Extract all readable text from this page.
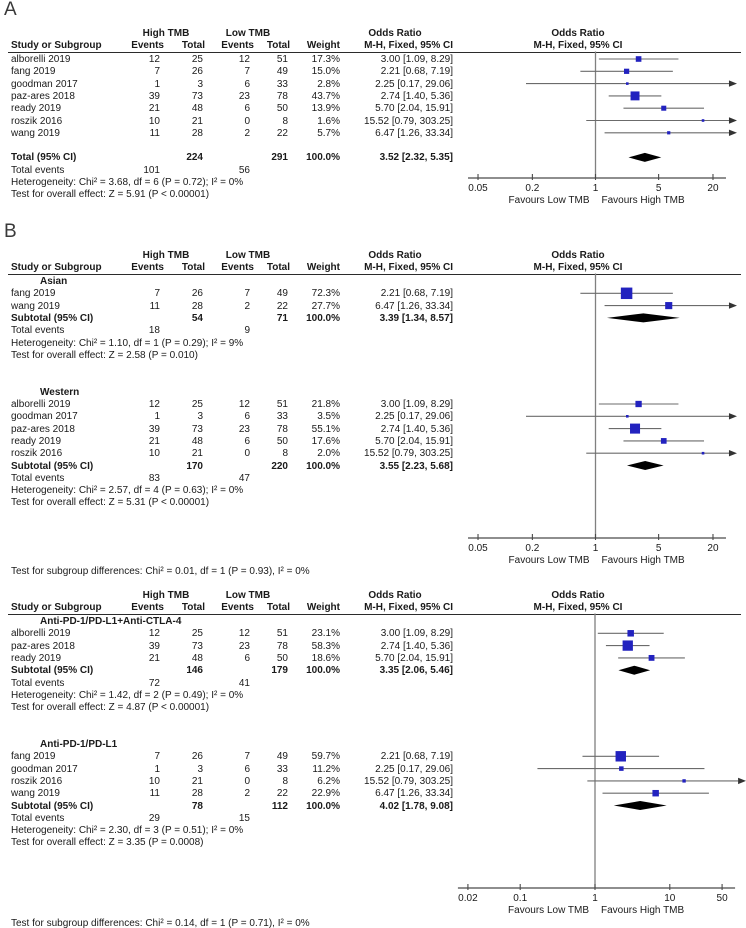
A
High TMB	Low TMB	Odds Ratio	Odds Ratio
Study or Subgroup	Events	Total	Events	Total	Weight	M-H, Fixed, 95% CI	M-H, Fixed, 95% CI
0.05	0.2	1	5	20
Favours Low TMB Favours High TMB
alborelli 2019	12	25	12	51	17.3%	3.00 [1.09, 8.29]
fang 2019	7	26	7	49	15.0%	2.21 [0.68, 7.19]
goodman 2017	1	3	6	33	2.8%	2.25 [0.17, 29.06]
paz-ares 2018	39	73	23	78	43.7%	2.74 [1.40, 5.36]
ready 2019	21	48	6	50	13.9%	5.70 [2.04, 15.91]
roszik 2016	10	21	0	8	1.6%	15.52 [0.79, 303.25]
wang 2019	11	28	2	22	5.7%	6.47 [1.26, 33.34]
Total (95% CI)	224	291	100.0%	3.52 [2.32, 5.35]
Total events	101	56
Heterogeneity: Chi² = 3.68, df = 6 (P = 0.72); I² = 0%
Test for overall effect: Z = 5.91 (P < 0.00001)
B
High TMB	Low TMB	Odds Ratio	Odds Ratio
Study or Subgroup	Events	Total	Events	Total	Weight	M-H, Fixed, 95% CI	M-H, Fixed, 95% CI
0.05	0.2	1	5	20
Favours Low TMB Favours High TMB
Asian
fang 2019	7	26	7	49	72.3%	2.21 [0.68, 7.19]
wang 2019	11	28	2	22	27.7%	6.47 [1.26, 33.34]
Subtotal (95% CI)	54	71	100.0%	3.39 [1.34, 8.57]
Total events	18	9
Heterogeneity: Chi² = 1.10, df = 1 (P = 0.29); I² = 9%
Test for overall effect: Z = 2.58 (P = 0.010)
Western
alborelli 2019	12	25	12	51	21.8%	3.00 [1.09, 8.29]
goodman 2017	1	3	6	33	3.5%	2.25 [0.17, 29.06]
paz-ares 2018	39	73	23	78	55.1%	2.74 [1.40, 5.36]
ready 2019	21	48	6	50	17.6%	5.70 [2.04, 15.91]
roszik 2016	10	21	0	8	2.0%	15.52 [0.79, 303.25]
Subtotal (95% CI)	170	220	100.0%	3.55 [2.23, 5.68]
Total events	83	47
Heterogeneity: Chi² = 2.57, df = 4 (P = 0.63); I² = 0%
Test for overall effect: Z = 5.31 (P < 0.00001)
Test for subgroup differences: Chi² = 0.01, df = 1 (P = 0.93), I² = 0%
High TMB	Low TMB	Odds Ratio	Odds Ratio
Study or Subgroup	Events	Total	Events	Total	Weight	M-H, Fixed, 95% CI	M-H, Fixed, 95% CI
0.02	0.1	1	10	50
Favours Low TMB Favours High TMB
Anti-PD-1/PD-L1+Anti-CTLA-4
alborelli 2019	12	25	12	51	23.1%	3.00 [1.09, 8.29]
paz-ares 2018	39	73	23	78	58.3%	2.74 [1.40, 5.36]
ready 2019	21	48	6	50	18.6%	5.70 [2.04, 15.91]
Subtotal (95% CI)	146	179	100.0%	3.35 [2.06, 5.46]
Total events	72	41
Heterogeneity: Chi² = 1.42, df = 2 (P = 0.49); I² = 0%
Test for overall effect: Z = 4.87 (P < 0.00001)
Anti-PD-1/PD-L1
fang 2019	7	26	7	49	59.7%	2.21 [0.68, 7.19]
goodman 2017	1	3	6	33	11.2%	2.25 [0.17, 29.06]
roszik 2016	10	21	0	8	6.2%	15.52 [0.79, 303.25]
wang 2019	11	28	2	22	22.9%	6.47 [1.26, 33.34]
Subtotal (95% CI)	78	112	100.0%	4.02 [1.78, 9.08]
Total events	29	15
Heterogeneity: Chi² = 2.30, df = 3 (P = 0.51); I² = 0%
Test for overall effect: Z = 3.35 (P = 0.0008)
Test for subgroup differences: Chi² = 0.14, df = 1 (P = 0.71), I² = 0%
